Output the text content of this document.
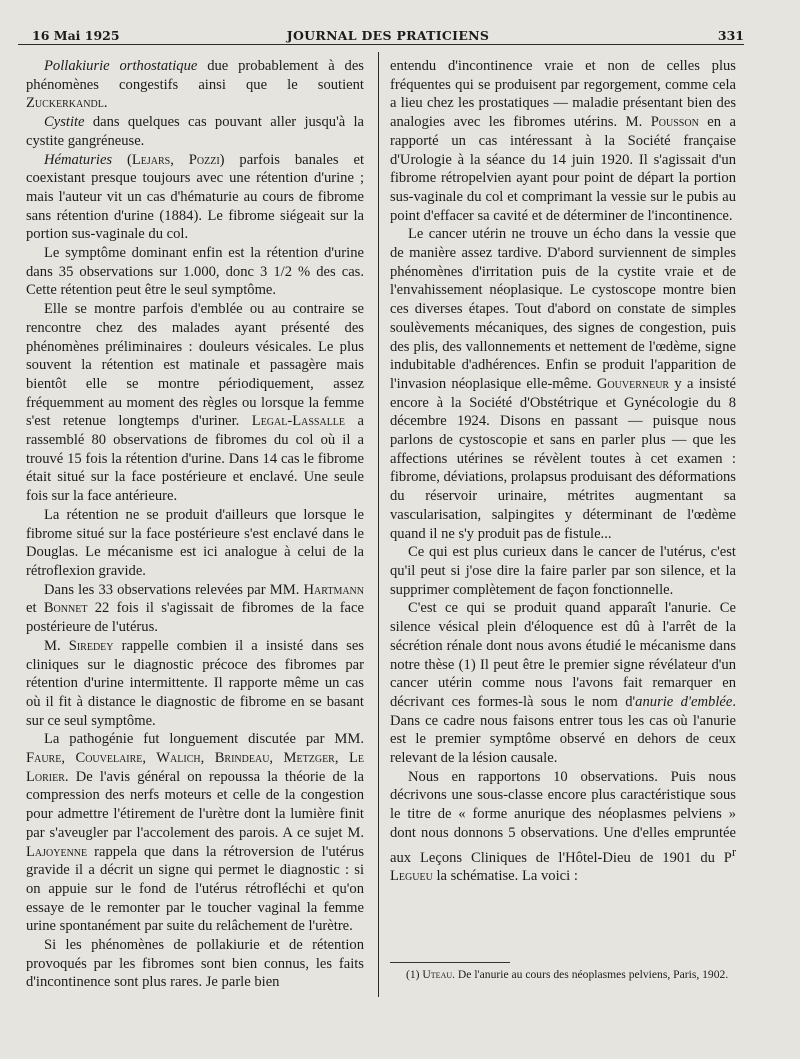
16 Mai 1925	JOURNAL DES PRATICIENS	331

Pollakiurie orthostatique due probablement à des phénomènes congestifs ainsi que le soutient Zuckerkandl.

Cystite dans quelques cas pouvant aller jusqu'à la cystite gangréneuse.

Hématuries (Lejars, Pozzi) parfois banales et coexistant presque toujours avec une rétention d'urine ; mais l'auteur vit un cas d'hématurie au cours de fibrome sans rétention d'urine (1884). Le fibrome siégeait sur la portion sus-vaginale du col.

Le symptôme dominant enfin est la rétention d'urine dans 35 observations sur 1.000, donc 3 1/2 % des cas. Cette rétention peut être le seul symptôme.

Elle se montre parfois d'emblée ou au contraire se rencontre chez des malades ayant présenté des phénomènes préliminaires : douleurs vésicales. Le plus souvent la rétention est matinale et passagère mais bientôt elle se montre périodiquement, assez fréquemment au moment des règles ou lorsque la femme s'est retenue longtemps d'uriner. Legal-Lassalle a rassemblé 80 observations de fibromes du col où il a trouvé 15 fois la rétention d'urine. Dans 14 cas le fibrome était situé sur la face postérieure et enclavé. Une seule fois sur la face antérieure.

La rétention ne se produit d'ailleurs que lorsque le fibrome situé sur la face postérieure s'est enclavé dans le Douglas. Le mécanisme est ici analogue à celui de la rétroflexion gravide.

Dans les 33 observations relevées par MM. Hartmann et Bonnet 22 fois il s'agissait de fibromes de la face postérieure de l'utérus.

M. Siredey rappelle combien il a insisté dans ses cliniques sur le diagnostic précoce des fibromes par rétention d'urine intermittente. Il rapporte même un cas où il fit à distance le diagnostic de fibrome en se basant sur ce seul symptôme.

La pathogénie fut longuement discutée par MM. Faure, Couvelaire, Walich, Brindeau, Metzger, Le Lorier. De l'avis général on repoussa la théorie de la compression des nerfs moteurs et celle de la congestion pour admettre l'étirement de l'urètre dont la lumière finit par s'aveugler par l'accolement des parois. A ce sujet M. Lajoyenne rappela que dans la rétroversion de l'utérus gravide il a décrit un signe qui permet le diagnostic : si on appuie sur le fond de l'utérus rétrofléchi et qu'on essaye de le remonter par le toucher vaginal la femme urine spontanément par suite du relâchement de l'urètre.

Si les phénomènes de pollakiurie et de rétention provoqués par les fibromes sont bien connus, les faits d'incontinence sont plus rares. Je parle bien

entendu d'incontinence vraie et non de celles plus fréquentes qui se produisent par regorgement, comme cela a lieu chez les prostatiques — maladie présentant bien des analogies avec les fibromes utérins. M. Pousson en a rapporté un cas intéressant à la Société française d'Urologie à la séance du 14 juin 1920. Il s'agissait d'un fibrome rétropelvien ayant pour point de départ la portion sus-vaginale du col et comprimant la vessie sur le pubis au point d'effacer sa cavité et de déterminer de l'incontinence.

Le cancer utérin ne trouve un écho dans la vessie que de manière assez tardive. D'abord surviennent de simples phénomènes d'irritation puis de la cystite vraie et de l'envahissement néoplasique. Le cystoscope montre bien ces diverses étapes. Tout d'abord on constate de simples soulèvements mécaniques, des signes de congestion, puis des plis, des vallonnements et nettement de l'œdème, signe indubitable d'adhérences. Enfin se produit l'apparition de l'invasion néoplasique elle-même. Gouverneur y a insisté encore à la Société d'Obstétrique et Gynécologie du 8 décembre 1924. Disons en passant — puisque nous parlons de cystoscopie et sans en parler plus — que les affections utérines se révèlent toutes à cet examen : fibrome, déviations, prolapsus produisant des déformations du réservoir urinaire, métrites augmentant sa vascularisation, salpingites y déterminant de l'œdème quand il ne s'y produit pas de fistule...

Ce qui est plus curieux dans le cancer de l'utérus, c'est qu'il peut si j'ose dire la faire parler par son silence, et la supprimer complètement de façon fonctionnelle.

C'est ce qui se produit quand apparaît l'anurie. Ce silence vésical plein d'éloquence est dû à l'arrêt de la sécrétion rénale dont nous avons étudié le mécanisme dans notre thèse (1) Il peut être le premier signe révélateur d'un cancer utérin comme nous l'avons fait remarquer en décrivant ces formes-là sous le nom d'anurie d'emblée. Dans ce cadre nous faisons entrer tous les cas où l'anurie est le premier symptôme observé en dehors de ceux relevant de la lésion causale.

Nous en rapportons 10 observations. Puis nous décrivons une sous-classe encore plus caractéristique sous le titre de « forme anurique des néoplasmes pelviens » dont nous donnons 5 observations. Une d'elles empruntée aux Leçons Cliniques de l'Hôtel-Dieu de 1901 du $P^r$ Legueu la schématise. La voici :

(1) Uteau. De l'anurie au cours des néoplasmes pelviens, Paris, 1902.
